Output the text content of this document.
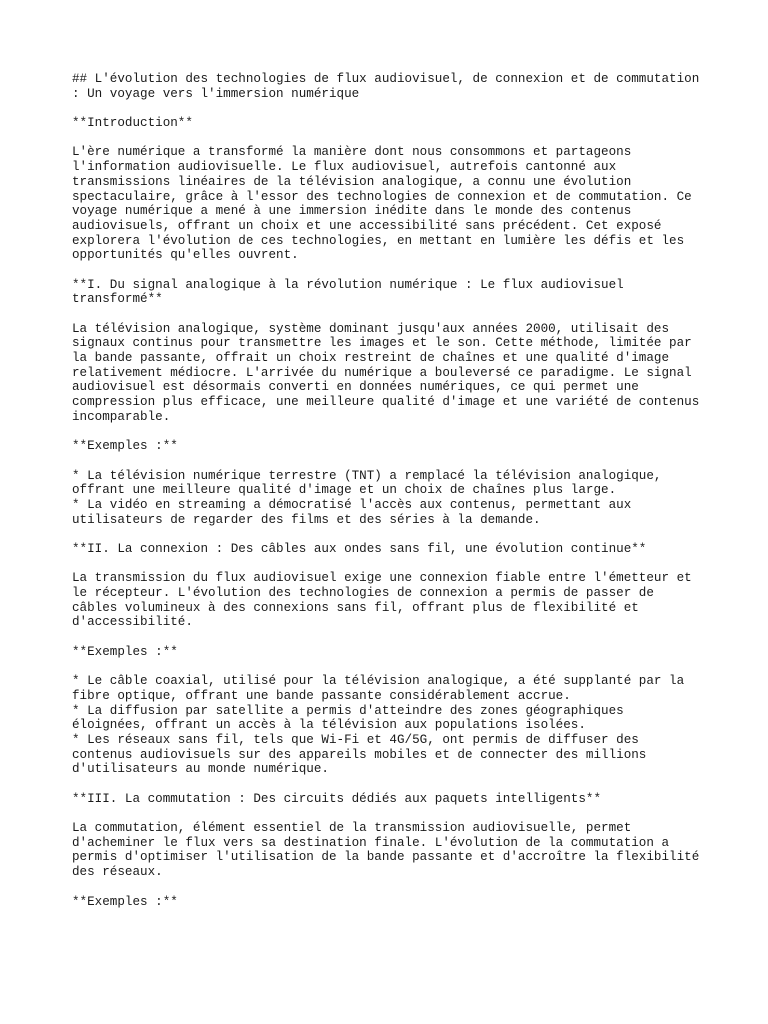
## L'évolution des technologies de flux audiovisuel, de connexion et de commutation
: Un voyage vers l'immersion numérique
**Introduction**
L'ère numérique a transformé la manière dont nous consommons et partageons
l'information audiovisuelle. Le flux audiovisuel, autrefois cantonné aux
transmissions linéaires de la télévision analogique, a connu une évolution
spectaculaire, grâce à l'essor des technologies de connexion et de commutation. Ce
voyage numérique a mené à une immersion inédite dans le monde des contenus
audiovisuels, offrant un choix et une accessibilité sans précédent. Cet exposé
explorera l'évolution de ces technologies, en mettant en lumière les défis et les
opportunités qu'elles ouvrent.
**I. Du signal analogique à la révolution numérique : Le flux audiovisuel
transformé**
La télévision analogique, système dominant jusqu'aux années 2000, utilisait des
signaux continus pour transmettre les images et le son. Cette méthode, limitée par
la bande passante, offrait un choix restreint de chaînes et une qualité d'image
relativement médiocre. L'arrivée du numérique a bouleversé ce paradigme. Le signal
audiovisuel est désormais converti en données numériques, ce qui permet une
compression plus efficace, une meilleure qualité d'image et une variété de contenus
incomparable.
**Exemples :**
* La télévision numérique terrestre (TNT) a remplacé la télévision analogique,
offrant une meilleure qualité d'image et un choix de chaînes plus large.
* La vidéo en streaming a démocratisé l'accès aux contenus, permettant aux
utilisateurs de regarder des films et des séries à la demande.
**II. La connexion : Des câbles aux ondes sans fil, une évolution continue**
La transmission du flux audiovisuel exige une connexion fiable entre l'émetteur et
le récepteur. L'évolution des technologies de connexion a permis de passer de
câbles volumineux à des connexions sans fil, offrant plus de flexibilité et
d'accessibilité.
**Exemples :**
* Le câble coaxial, utilisé pour la télévision analogique, a été supplanté par la
fibre optique, offrant une bande passante considérablement accrue.
* La diffusion par satellite a permis d'atteindre des zones géographiques
éloignées, offrant un accès à la télévision aux populations isolées.
* Les réseaux sans fil, tels que Wi-Fi et 4G/5G, ont permis de diffuser des
contenus audiovisuels sur des appareils mobiles et de connecter des millions
d'utilisateurs au monde numérique.
**III. La commutation : Des circuits dédiés aux paquets intelligents**
La commutation, élément essentiel de la transmission audiovisuelle, permet
d'acheminer le flux vers sa destination finale. L'évolution de la commutation a
permis d'optimiser l'utilisation de la bande passante et d'accroître la flexibilité
des réseaux.
**Exemples :**
